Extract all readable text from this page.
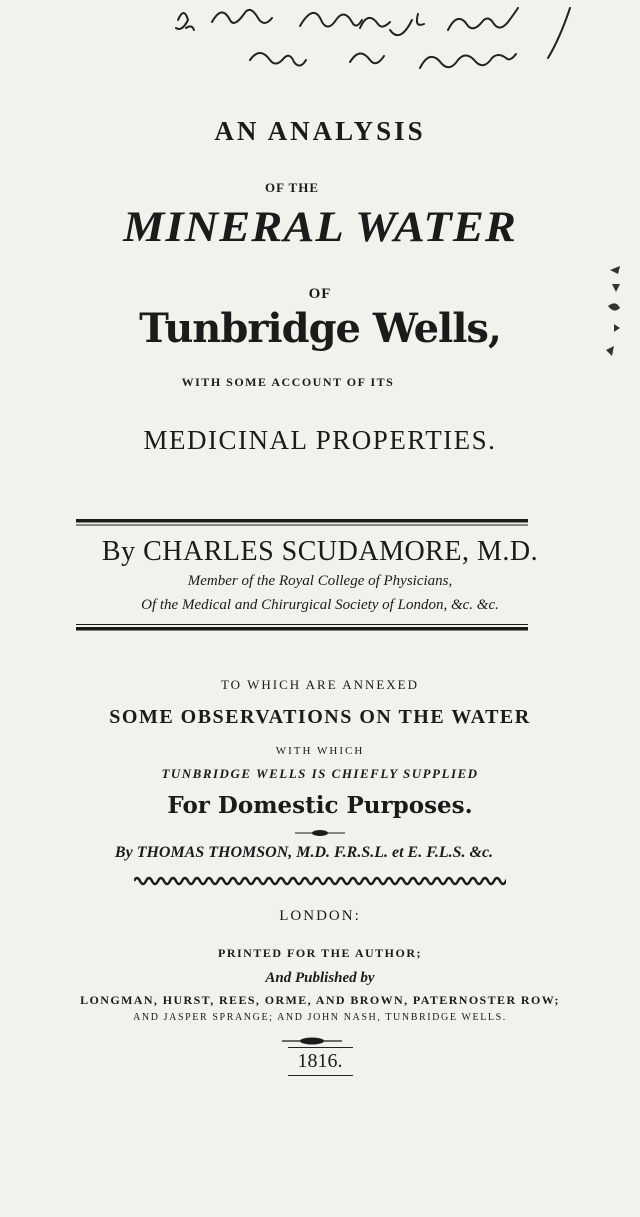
AN ANALYSIS
OF THE
MINERAL WATER
OF
Tunbridge Wells,
WITH SOME ACCOUNT OF ITS
MEDICINAL PROPERTIES.
By CHARLES SCUDAMORE, M.D.
Member of the Royal College of Physicians,
Of the Medical and Chirurgical Society of London, &c. &c.
TO WHICH ARE ANNEXED
SOME OBSERVATIONS ON THE WATER
WITH WHICH
TUNBRIDGE WELLS IS CHIEFLY SUPPLIED
For Domestic Purposes.
By THOMAS THOMSON, M.D. F.R.S.L. et E. F.L.S. &c.
LONDON:
PRINTED FOR THE AUTHOR;
And Published by
LONGMAN, HURST, REES, ORME, AND BROWN, PATERNOSTER ROW;
AND JASPER SPRANGE; AND JOHN NASH, TUNBRIDGE WELLS.
1816.
